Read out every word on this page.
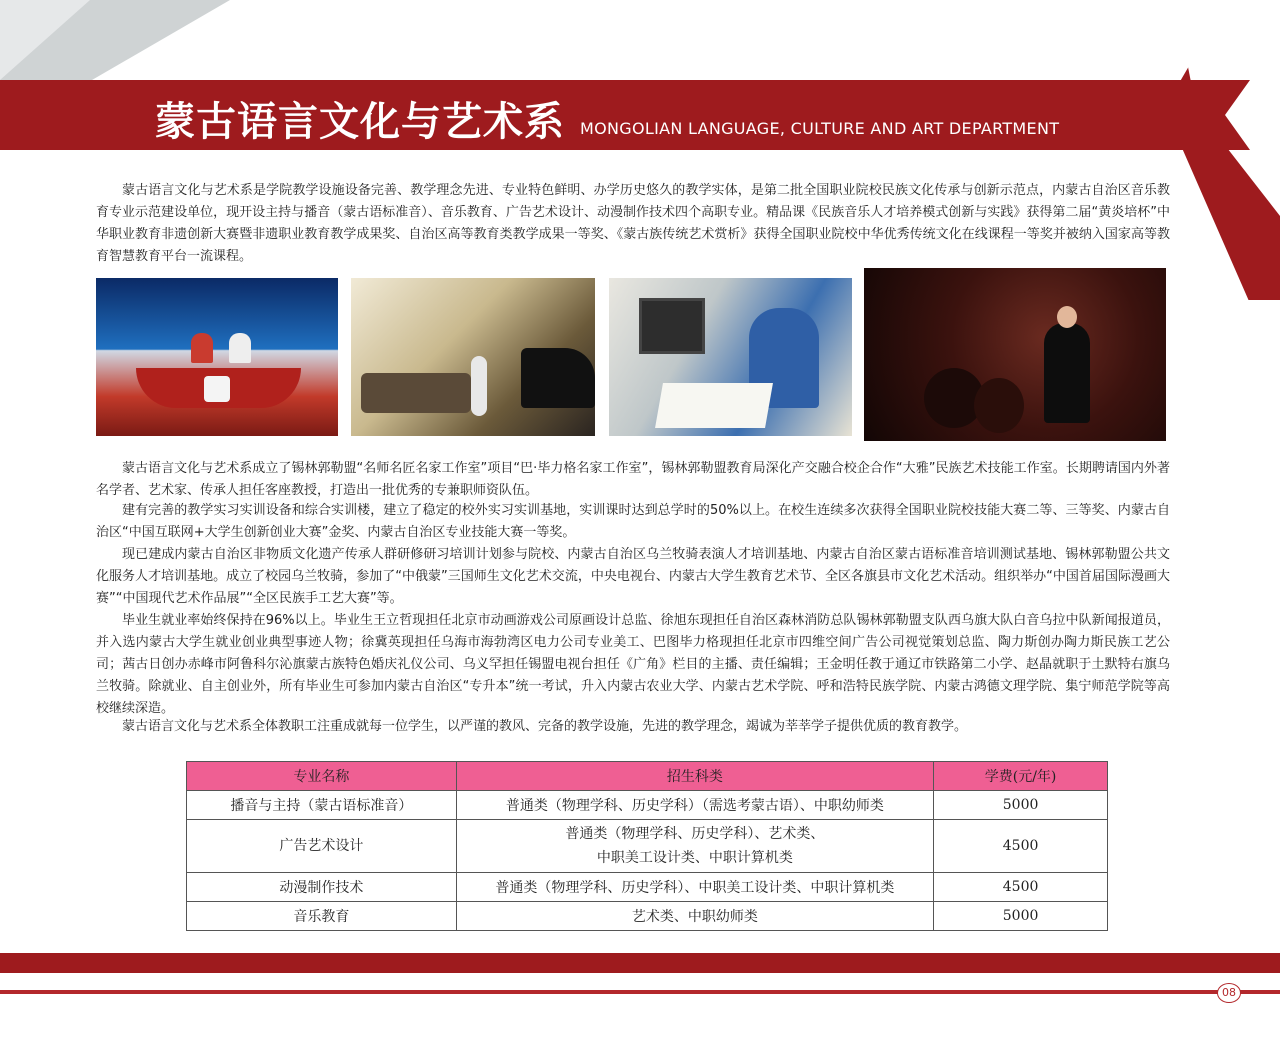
蒙古语言文化与艺术系 MONGOLIAN LANGUAGE, CULTURE AND ART DEPARTMENT

蒙古语言文化与艺术系是学院教学设施设备完善、教学理念先进、专业特色鲜明、办学历史悠久的教学实体，是第二批全国职业院校民族文化传承与创新示范点，内蒙古自治区音乐教育专业示范建设单位，现开设主持与播音（蒙古语标准音）、音乐教育、广告艺术设计、动漫制作技术四个高职专业。精品课《民族音乐人才培养模式创新与实践》获得第二届“黄炎培杯”中华职业教育非遗创新大赛暨非遗职业教育教学成果奖、自治区高等教育类教学成果一等奖、《蒙古族传统艺术赏析》获得全国职业院校中华优秀传统文化在线课程一等奖并被纳入国家高等教育智慧教育平台一流课程。

蒙古语言文化与艺术系成立了锡林郭勒盟“名师名匠名家工作室”项目“巴·毕力格名家工作室”，锡林郭勒盟教育局深化产交融合校企合作“大雅”民族艺术技能工作室。长期聘请国内外著名学者、艺术家、传承人担任客座教授，打造出一批优秀的专兼职师资队伍。

建有完善的教学实习实训设备和综合实训楼，建立了稳定的校外实习实训基地，实训课时达到总学时的50%以上。在校生连续多次获得全国职业院校技能大赛二等、三等奖、内蒙古自治区“中国互联网+大学生创新创业大赛”金奖、内蒙古自治区专业技能大赛一等奖。

现已建成内蒙古自治区非物质文化遗产传承人群研修研习培训计划参与院校、内蒙古自治区乌兰牧骑表演人才培训基地、内蒙古自治区蒙古语标准音培训测试基地、锡林郭勒盟公共文化服务人才培训基地。成立了校园乌兰牧骑，参加了“中俄蒙”三国师生文化艺术交流，中央电视台、内蒙古大学生教育艺术节、全区各旗县市文化艺术活动。组织举办“中国首届国际漫画大赛”“中国现代艺术作品展”“全区民族手工艺大赛”等。

毕业生就业率始终保持在96%以上。毕业生王立哲现担任北京市动画游戏公司原画设计总监、徐旭东现担任自治区森林消防总队锡林郭勒盟支队西乌旗大队白音乌拉中队新闻报道员，并入选内蒙古大学生就业创业典型事迹人物；徐冀英现担任乌海市海勃湾区电力公司专业美工、巴图毕力格现担任北京市四维空间广告公司视觉策划总监、陶力斯创办陶力斯民族工艺公司；茜古日创办赤峰市阿鲁科尔沁旗蒙古族特色婚庆礼仪公司、乌义罕担任锡盟电视台担任《广角》栏目的主播、责任编辑；王金明任教于通辽市铁路第二小学、赵晶就职于土默特右旗乌兰牧骑。除就业、自主创业外，所有毕业生可参加内蒙古自治区“专升本”统一考试，升入内蒙古农业大学、内蒙古艺术学院、呼和浩特民族学院、内蒙古鸿德文理学院、集宁师范学院等高校继续深造。

蒙古语言文化与艺术系全体教职工注重成就每一位学生，以严谨的教风、完备的教学设施，先进的教学理念，竭诚为莘莘学子提供优质的教育教学。

专业名称	招生科类	学费(元/年)
播音与主持（蒙古语标准音）	普通类（物理学科、历史学科）（需选考蒙古语）、中职幼师类	5000
广告艺术设计	普通类（物理学科、历史学科）、艺术类、
中职美工设计类、中职计算机类	4500
动漫制作技术	普通类（物理学科、历史学科）、中职美工设计类、中职计算机类	4500
音乐教育	艺术类、中职幼师类	5000
08
